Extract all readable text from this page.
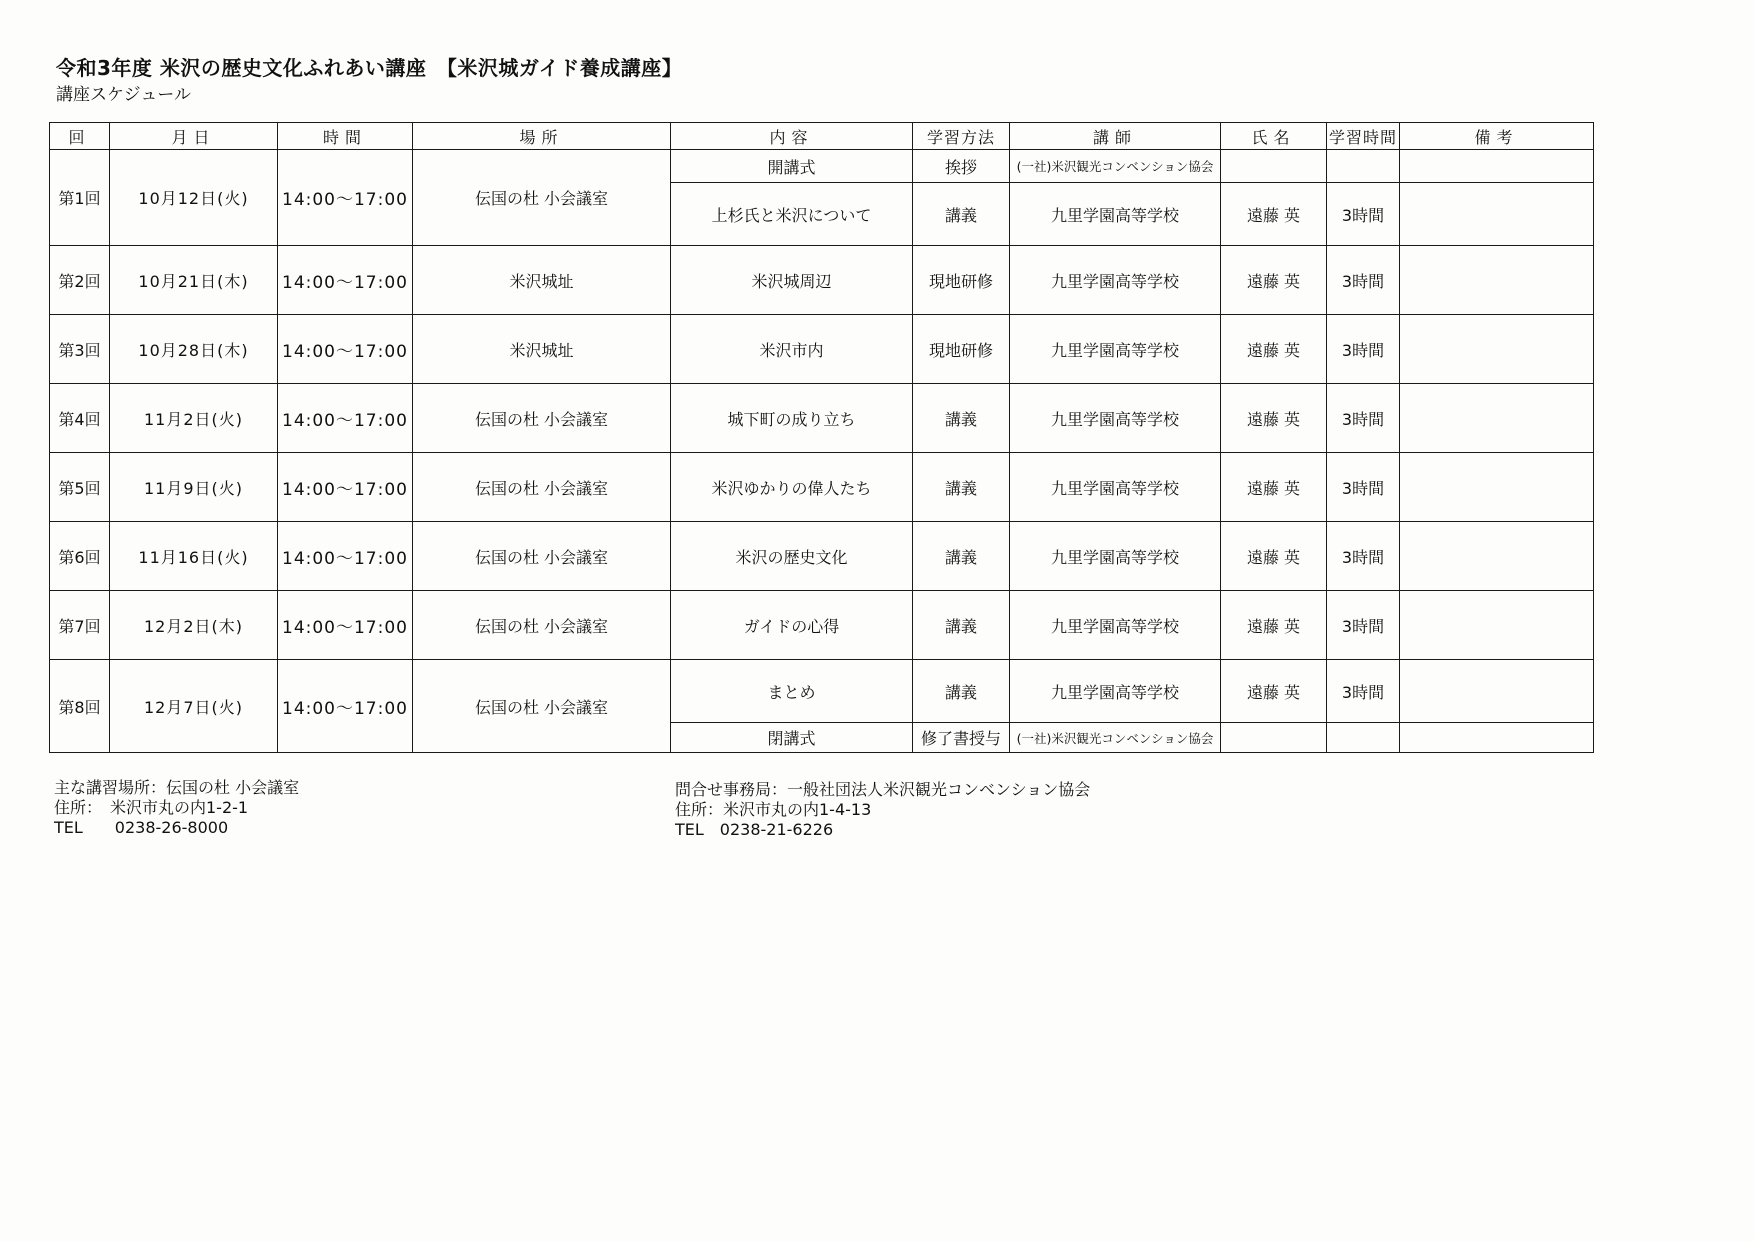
令和3年度 米沢の歴史文化ふれあい講座　【米沢城ガイド養成講座】
講座スケジュール
回	月日	時間	場所	内容	学習方法	講師	氏名	学習時間	備考
第1回	10月12日(火)	14:00〜17:00	伝国の杜 小会議室	開講式	挨拶	(一社)米沢観光コンベンション協会			
				上杉氏と米沢について	講義	九里学園高等学校	遠藤 英	3時間	
第2回	10月21日(木)	14:00〜17:00	米沢城址	米沢城周辺	現地研修	九里学園高等学校	遠藤 英	3時間	
第3回	10月28日(木)	14:00〜17:00	米沢城址	米沢市内	現地研修	九里学園高等学校	遠藤 英	3時間	
第4回	11月2日(火)	14:00〜17:00	伝国の杜 小会議室	城下町の成り立ち	講義	九里学園高等学校	遠藤 英	3時間	
第5回	11月9日(火)	14:00〜17:00	伝国の杜 小会議室	米沢ゆかりの偉人たち	講義	九里学園高等学校	遠藤 英	3時間	
第6回	11月16日(火)	14:00〜17:00	伝国の杜 小会議室	米沢の歴史文化	講義	九里学園高等学校	遠藤 英	3時間	
第7回	12月2日(木)	14:00〜17:00	伝国の杜 小会議室	ガイドの心得	講義	九里学園高等学校	遠藤 英	3時間	
第8回	12月7日(火)	14:00〜17:00	伝国の杜 小会議室	まとめ	講義	九里学園高等学校	遠藤 英	3時間	
				閉講式	修了書授与	(一社)米沢観光コンベンション協会			
主な講習場所：伝国の杜 小会議室
住所：　米沢市丸の内1-2-1
TEL　　0238-26-8000
問合せ事務局：一般社団法人米沢観光コンベンション協会
住所：米沢市丸の内1-4-13
TEL　0238-21-6226
